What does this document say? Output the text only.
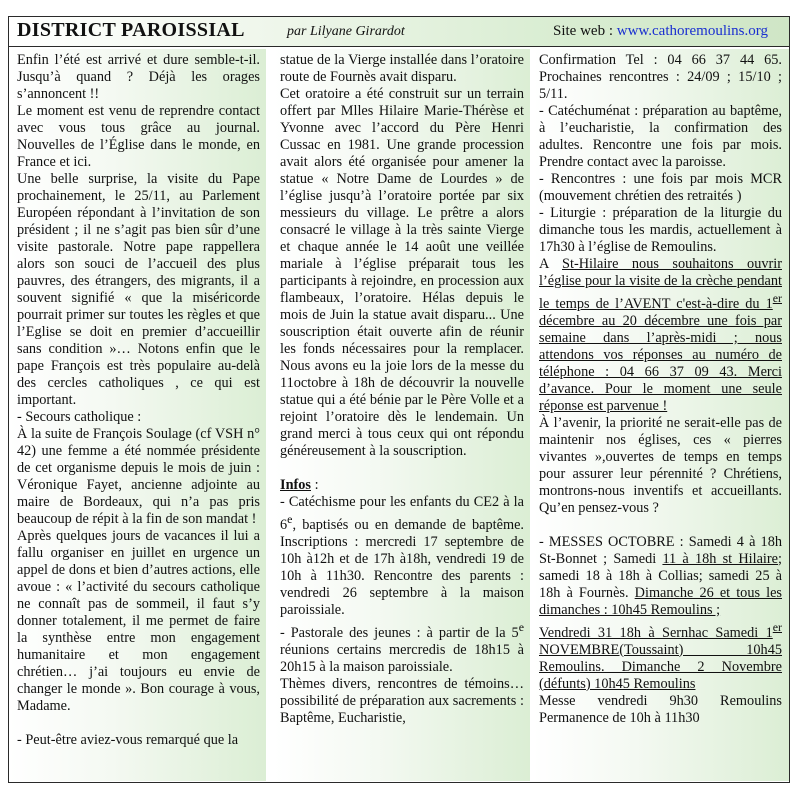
DISTRICT PAROISSIAL	par Lilyane Girardot	Site web : www.cathoremoulins.org

Enfin l’été est arrivé et dure semble-t-il. Jusqu’à quand ? Déjà les orages s’annoncent !!

Le moment est venu de reprendre contact avec vous tous grâce au journal. Nouvelles de l’Église dans le monde, en France et ici.

Une belle surprise, la visite du Pape prochainement, le 25/11, au Parlement Européen répondant à l’invitation de son président ; il ne s’agit pas bien sûr d’une visite pastorale. Notre pape rappellera alors son souci de l’accueil des plus pauvres, des étrangers, des migrants, il a souvent signifié « que la miséricorde pourrait primer sur toutes les règles et que l’Eglise se doit en premier d’accueillir sans condition »… Notons enfin que le pape François est très populaire au-delà des cercles catholiques , ce qui est important.

- Secours catholique :

À la suite de François Soulage (cf VSH n° 42) une femme a été nommée présidente de cet organisme depuis le mois de juin : Véronique Fayet, ancienne adjointe au maire de Bordeaux, qui n’a pas pris beaucoup de répit à la fin de son mandat !

Après quelques jours de vacances il lui a fallu organiser en juillet en urgence un appel de dons et bien d’autres actions, elle avoue : « l’activité du secours catholique ne connaît pas de sommeil, il faut s’y donner totalement, il me permet de faire la synthèse entre mon engagement humanitaire et mon engagement chrétien… j’ai toujours eu envie de changer le monde ». Bon courage à vous, Madame.

- Peut-être aviez-vous remarqué que la

statue de la Vierge installée dans l’oratoire route de Fournès avait disparu.

Cet oratoire a été construit sur un terrain offert par Mlles Hilaire Marie-Thérèse et Yvonne avec l’accord du Père Henri Cussac en 1981. Une grande procession avait alors été organisée pour amener la statue « Notre Dame de Lourdes » de l’église jusqu’à l’oratoire portée par six messieurs du village. Le prêtre a alors consacré le village à la très sainte Vierge et chaque année le 14 août une veillée mariale à l’église préparait tous les participants à rejoindre, en procession aux flambeaux, l’oratoire. Hélas depuis le mois de Juin la statue avait disparu... Une souscription était ouverte afin de réunir les fonds nécessaires pour la remplacer. Nous avons eu la joie lors de la messe du 11octobre à 18h de découvrir la nouvelle statue qui a été bénie par le Père Volle et a rejoint l’oratoire dès le lendemain. Un grand merci à tous ceux qui ont répondu généreusement à la souscription.

Infos :

- Catéchisme pour les enfants du CE2 à la 6e, baptisés ou en demande de baptême. Inscriptions : mercredi 17 septembre de 10h à12h et de 17h à18h, vendredi 19 de 10h à 11h30. Rencontre des parents : vendredi 26 septembre à la maison paroissiale.

- Pastorale des jeunes : à partir de la 5e réunions certains mercredis de 18h15 à 20h15 à la maison paroissiale.

Thèmes divers, rencontres de témoins… possibilité de préparation aux sacrements : Baptême, Eucharistie,

Confirmation Tel : 04 66 37 44 65. Prochaines rencontres : 24/09 ; 15/10 ; 5/11.

- Catéchuménat : préparation au baptême, à l’eucharistie, la confirmation des adultes. Rencontre une fois par mois. Prendre contact avec la paroisse.

- Rencontres : une fois par mois MCR (mouvement chrétien des retraités )

- Liturgie : préparation de la liturgie du dimanche tous les mardis, actuellement à 17h30 à l’église de Remoulins.

A St-Hilaire nous souhaitons ouvrir l’église pour la visite de la crèche pendant le temps de l’AVENT c'est-à-dire du 1er décembre au 20 décembre une fois par semaine dans l’après-midi ; nous attendons vos réponses au numéro de téléphone : 04 66 37 09 43. Merci d’avance. Pour le moment une seule réponse est parvenue !

À l’avenir, la priorité ne serait-elle pas de maintenir nos églises, ces « pierres vivantes »,ouvertes de temps en temps pour assurer leur pérennité ? Chrétiens, montrons-nous inventifs et accueillants. Qu’en pensez-vous ?

- MESSES OCTOBRE : Samedi 4 à 18h St-Bonnet ; Samedi 11 à 18h st Hilaire; samedi 18 à 18h à Collias; samedi 25 à 18h à Fournès. Dimanche 26 et tous les dimanches : 10h45 Remoulins ;

Vendredi 31 18h à Sernhac Samedi 1er NOVEMBRE(Toussaint) 10h45 Remoulins. Dimanche 2 Novembre (défunts) 10h45 Remoulins

Messe vendredi 9h30 Remoulins Permanence de 10h à 11h30
